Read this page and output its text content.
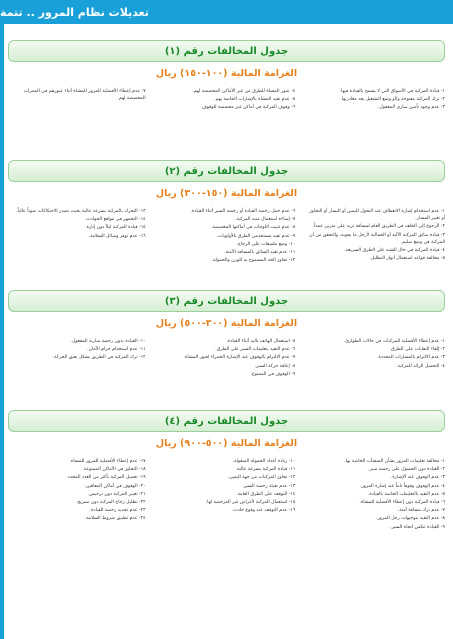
تعديلات نظام المرور .. تتمة
جدول المخالفات رقم (١)
الغرامة المالية (١٠٠-١٥٠) ريال

١- قيادة المركبة في الأسواق التي لا يسمح بالقيادة فيها.

٢- ترك المركبة مفتوحة و/أو وضع التشغيل بعد مغادرتها.

٣- عدم وجود تأمين ساري المفعول.

٤- عبور المشاة للطرق من غير الأماكن المخصصة لهم.

٥- عدم تقيد المشاة بالإشارات الخاصة بهم.

٦- وقوف المركبة في أماكن غير مخصصة للوقوف.

٧- عدم إعطاء الأفضلية للمرور للمشاة أثناء عبورهم في الممرات المخصصة لهم.

جدول المخالفات رقم (٢)
الغرامة المالية (١٥٠-٣٠٠) ريال

١- عدم استخدام إشارة الانعطاف عند التحول لليمين أو اليسار أو التجاوز أو تغيير المسار.

٢- الرجوع إلى الخلف في الطريق العام لمسافة تزيد على مترين عمداً.

٣- قيادة سائق المركبة الآلية أو الحمالية لأرجل ما يحويه، والتحقق من أن المركبة في وضع سليم.

٤- قيادة المركبة في حال الشبه على الطرق السريعة.

٥- مخالفة قواعد استعمال أنوار التظليل.

٦- عدم حمل رخصة القيادة أو رخصة السير أثناء القيادة.

٧- إساءة استعمال منبه المركبة.

٨- عدم تثبيت اللوحات في أماكنها المخصصة.

٩- عدم تقيد مستخدمي الطرق بالأولويات.

١٠- وضع ملصقات على الزجاج.

١١- عدم تقيد السائق بالمسافة الآمنة.

١٢- تجاوز الحد المسموح به للوزن والحمولة.

١٣- التحرك بالمركبة بسرعة عالية بحيث تصدر الاحتكاكات صوتاً عالياً.

١٤- التجمهر في مواقع الحوادث.

١٥- قيادة المركبة ليلاً دون إنارة.

١٦- عدم توفر وسائل السلامة.

جدول المخالفات رقم (٣)
الغرامة المالية (٣٠٠-٥٠٠) ريال

١- عدم إعطاء الأفضلية للمركبات في حالات الطوارئ.

٢- إلقاء النفايات على الطرق.

٣- عدم الالتزام بالمسارات المحددة.

٤- التحميل الزائد للمركبة.

٥- استعمال الهاتف باليد أثناء القيادة.

٦- عدم التقيد بتعليمات السير على الطرق.

٧- عدم الالتزام بالوقوف عند الإشارة الحمراء لعبور المشاة.

٨- إعاقة حركة السير.

٩- الوقوف في الممنوع.

١٠- القيادة بدون رخصة سارية المفعول.

١١- عدم استخدام حزام الأمان.

١٢- ترك المركبة في الطريق بشكل يعيق الحركة.

جدول المخالفات رقم (٤)
الغرامة المالية (٥٠٠-٩٠٠) ريال

١- مخالفة تعليمات المرور بشأن المنشآت الخاصة بها.

٢- القيادة دون الحصول على رخصة سير.

٣- عدم الوقوف عند الإشارة.

٤- عدم الوقوف وقوفاً تاماً عند إشارة المرور.

٥- عدم التقيد بالتعليمات الخاصة بالقيادة.

٦- قيادة المركبة دون إعطاء الأفضلية للمشاة.

٧- عدم ترك مسافة آمنة.

٨- عدم التقيد بتوجيهات رجل المرور.

٩- القيادة عكس اتجاه السير.

١٠- زيادة أعداد الحمولة المنقولة.

١١- قيادة المركبة بسرعة عالية.

١٢- تجاوز المركبات من جهة اليمين.

١٣- عدم تعبئة رخصة السير.

١٤- التوقف على الطرق العامة.

١٥- استعمال المركبة لأغراض غير المرخصة لها.

١٦- عدم التوقف عند وقوع حادث.

١٧- عدم إعطاء الأفضلية للمرور للمشاة.

١٨- التجاوز في الأماكن الممنوعة.

١٩- تحميل المركبة بأكثر من العدد المحدد.

٢٠- الوقوف في أماكن المعاقين.

٢١- تغيير المركبة دون ترخيص.

٢٢- تظليل زجاج المركبة دون تصريح.

٢٣- عدم تجديد رخصة القيادة.

٢٤- عدم تطبيق شروط السلامة.
